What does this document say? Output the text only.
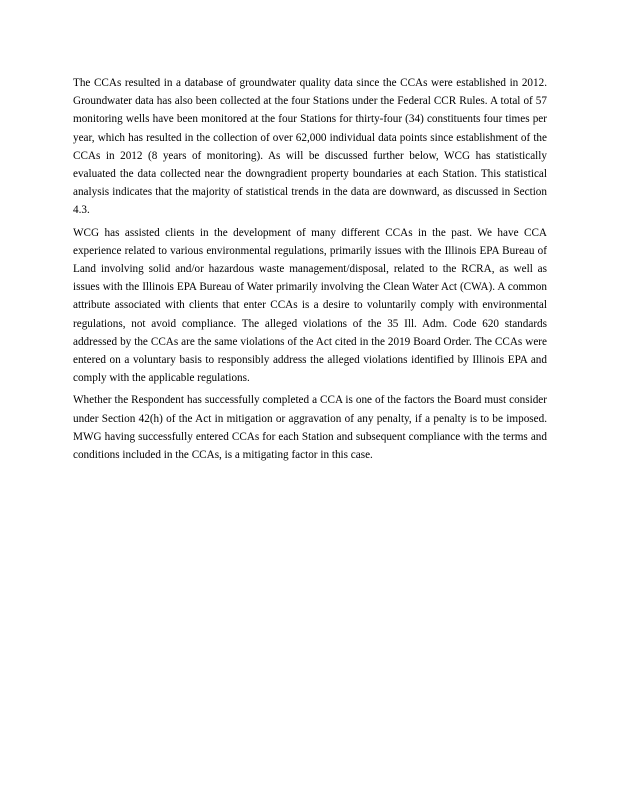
The CCAs resulted in a database of groundwater quality data since the CCAs were established in 2012. Groundwater data has also been collected at the four Stations under the Federal CCR Rules. A total of 57 monitoring wells have been monitored at the four Stations for thirty-four (34) constituents four times per year, which has resulted in the collection of over 62,000 individual data points since establishment of the CCAs in 2012 (8 years of monitoring). As will be discussed further below, WCG has statistically evaluated the data collected near the downgradient property boundaries at each Station. This statistical analysis indicates that the majority of statistical trends in the data are downward, as discussed in Section 4.3.

WCG has assisted clients in the development of many different CCAs in the past. We have CCA experience related to various environmental regulations, primarily issues with the Illinois EPA Bureau of Land involving solid and/or hazardous waste management/disposal, related to the RCRA, as well as issues with the Illinois EPA Bureau of Water primarily involving the Clean Water Act (CWA). A common attribute associated with clients that enter CCAs is a desire to voluntarily comply with environmental regulations, not avoid compliance. The alleged violations of the 35 Ill. Adm. Code 620 standards addressed by the CCAs are the same violations of the Act cited in the 2019 Board Order. The CCAs were entered on a voluntary basis to responsibly address the alleged violations identified by Illinois EPA and comply with the applicable regulations.

Whether the Respondent has successfully completed a CCA is one of the factors the Board must consider under Section 42(h) of the Act in mitigation or aggravation of any penalty, if a penalty is to be imposed. MWG having successfully entered CCAs for each Station and subsequent compliance with the terms and conditions included in the CCAs, is a mitigating factor in this case.
